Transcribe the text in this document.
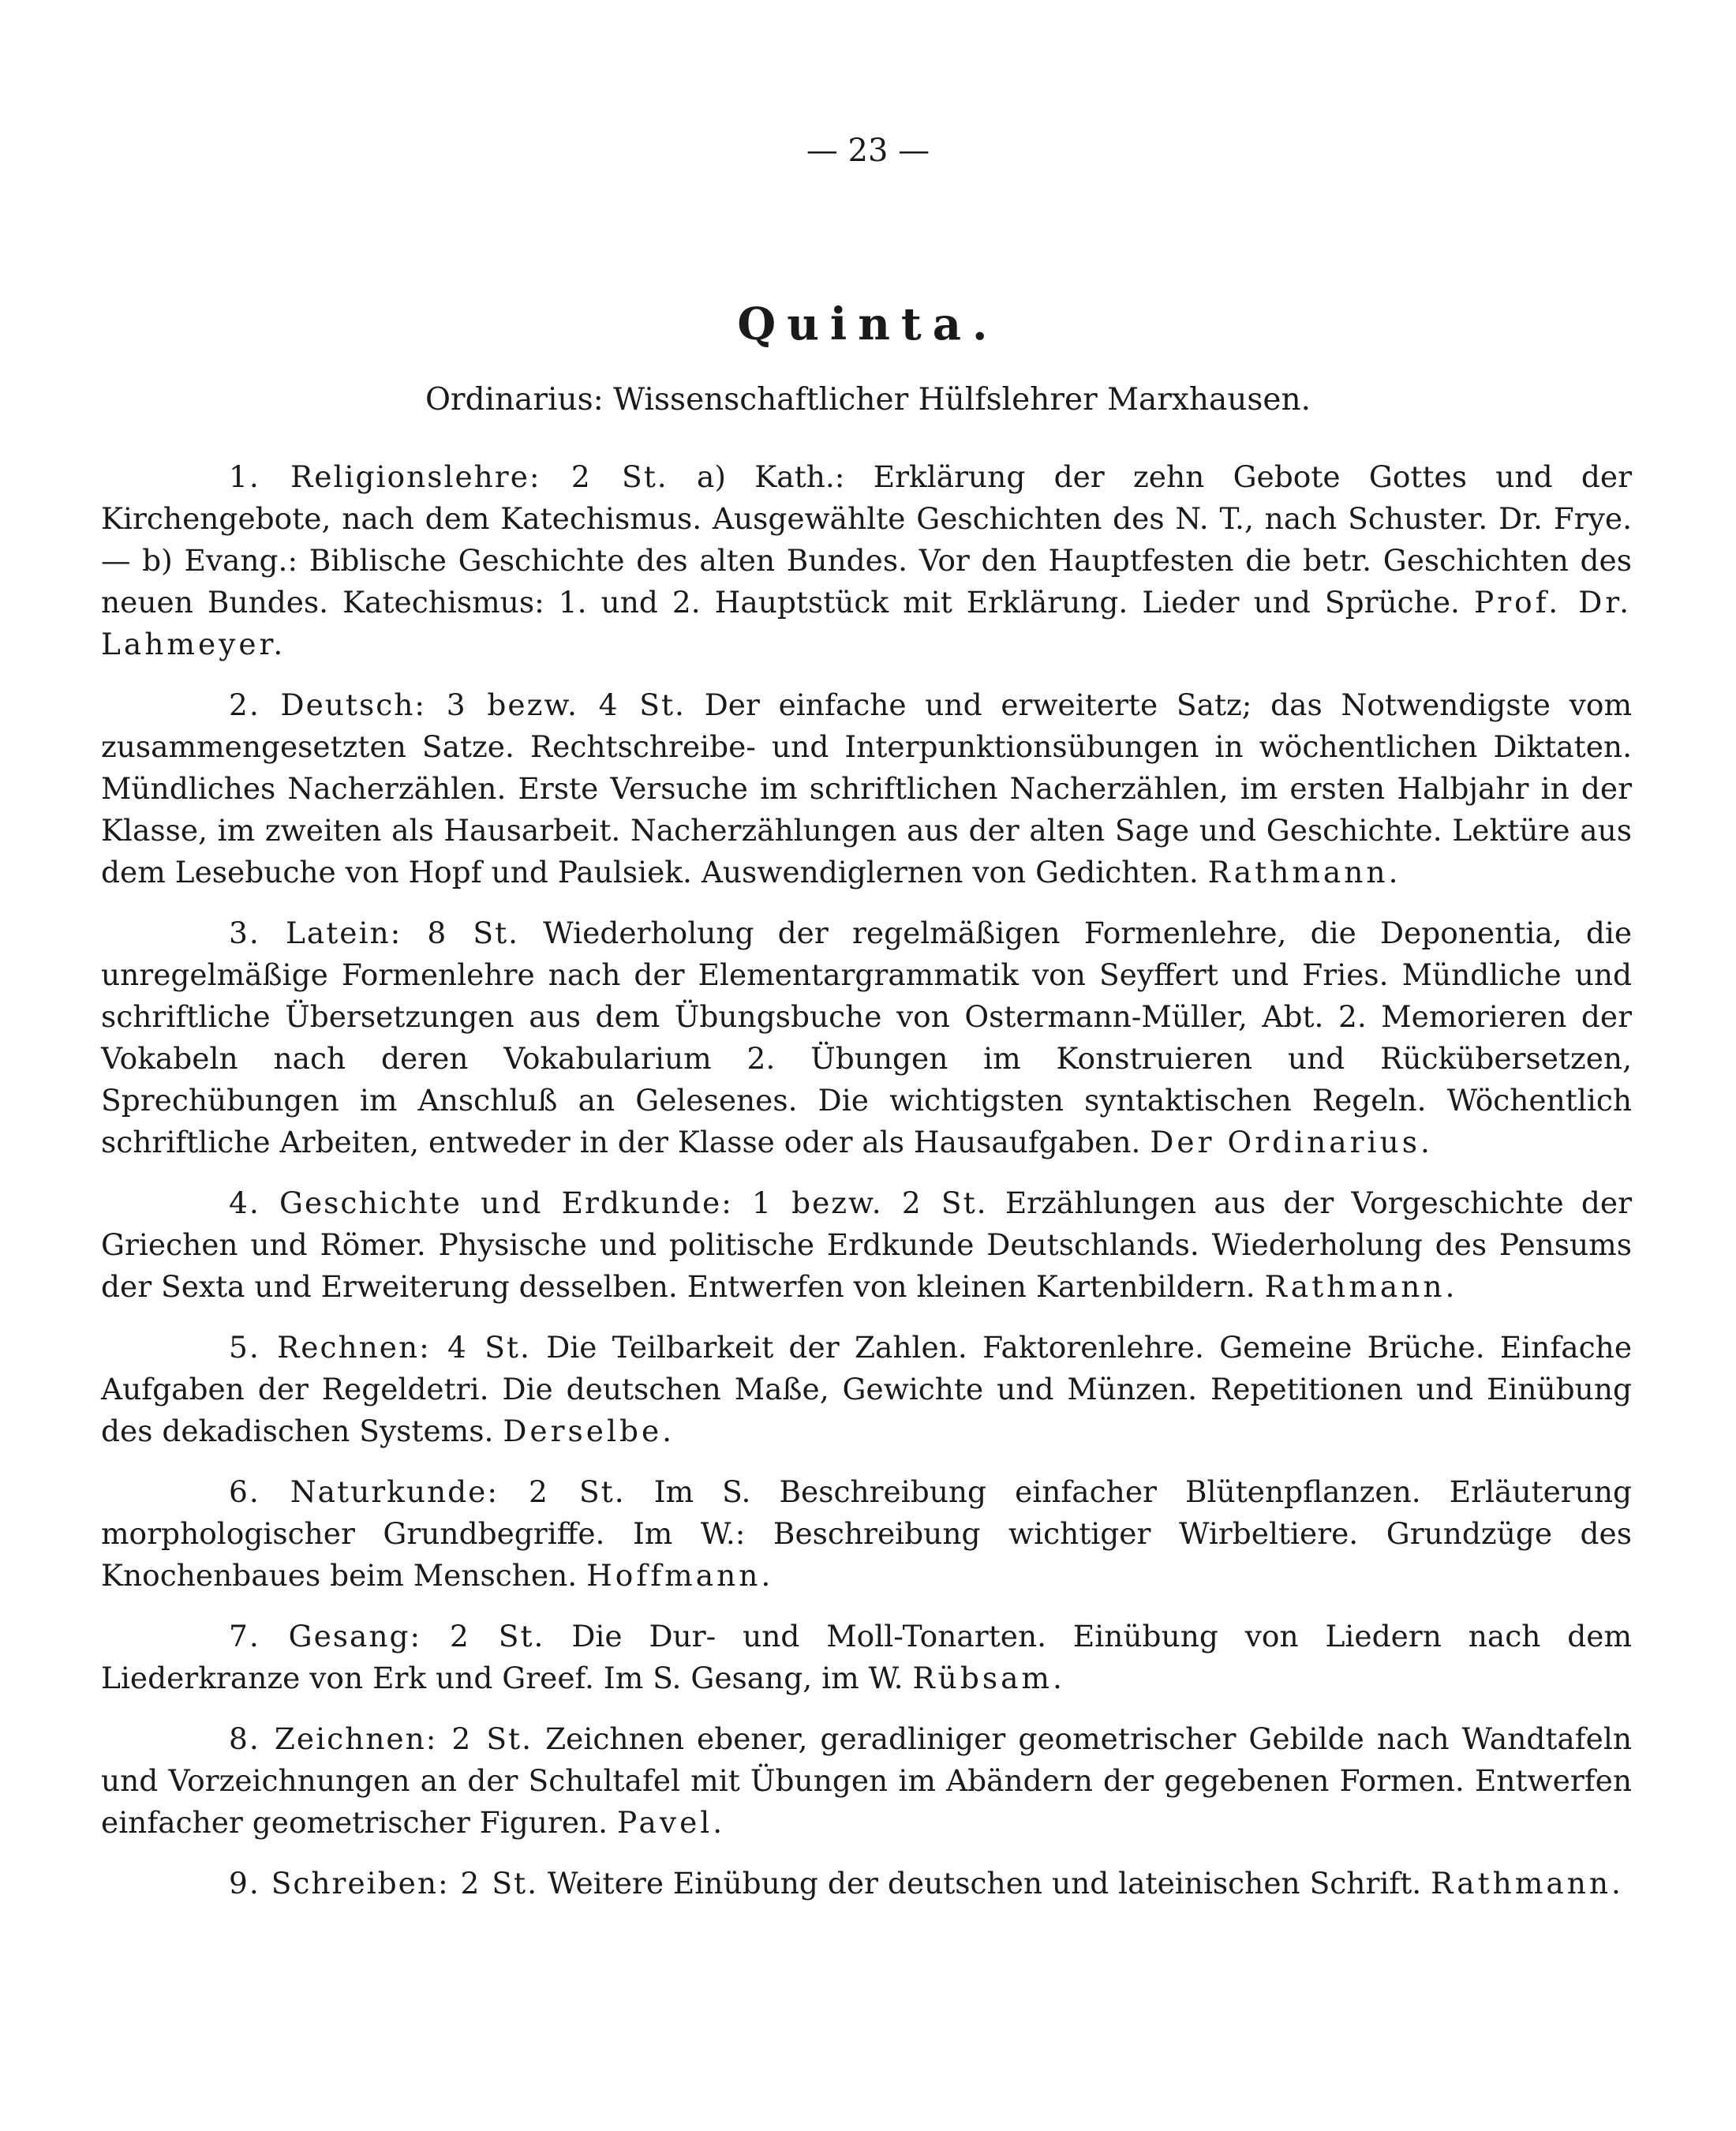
— 23 —
Quinta.
Ordinarius: Wissenschaftlicher Hülfslehrer Marxhausen.

1. Religionslehre: 2 St. a) Kath.: Erklärung der zehn Gebote Gottes und der Kirchengebote, nach dem Katechismus. Ausgewählte Geschichten des N. T., nach Schuster. Dr. Frye. — b) Evang.: Biblische Geschichte des alten Bundes. Vor den Hauptfesten die betr. Geschichten des neuen Bundes. Katechismus: 1. und 2. Hauptstück mit Erklärung. Lieder und Sprüche. Prof. Dr. Lahmeyer.

2. Deutsch: 3 bezw. 4 St. Der einfache und erweiterte Satz; das Notwendigste vom zusammengesetzten Satze. Rechtschreibe- und Interpunktionsübungen in wöchentlichen Diktaten. Mündliches Nacherzählen. Erste Versuche im schriftlichen Nacherzählen, im ersten Halbjahr in der Klasse, im zweiten als Hausarbeit. Nacherzählungen aus der alten Sage und Geschichte. Lektüre aus dem Lesebuche von Hopf und Paulsiek. Auswendiglernen von Gedichten. Rathmann.

3. Latein: 8 St. Wiederholung der regelmäßigen Formenlehre, die Deponentia, die unregelmäßige Formenlehre nach der Elementargrammatik von Seyffert und Fries. Mündliche und schriftliche Übersetzungen aus dem Übungsbuche von Ostermann-Müller, Abt. 2. Memorieren der Vokabeln nach deren Vokabularium 2. Übungen im Konstruieren und Rückübersetzen, Sprechübungen im Anschluß an Gelesenes. Die wichtigsten syntaktischen Regeln. Wöchentlich schriftliche Arbeiten, entweder in der Klasse oder als Hausaufgaben. Der Ordinarius.

4. Geschichte und Erdkunde: 1 bezw. 2 St. Erzählungen aus der Vorgeschichte der Griechen und Römer. Physische und politische Erdkunde Deutschlands. Wiederholung des Pensums der Sexta und Erweiterung desselben. Entwerfen von kleinen Kartenbildern. Rathmann.

5. Rechnen: 4 St. Die Teilbarkeit der Zahlen. Faktorenlehre. Gemeine Brüche. Einfache Aufgaben der Regeldetri. Die deutschen Maße, Gewichte und Münzen. Repetitionen und Einübung des dekadischen Systems. Derselbe.

6. Naturkunde: 2 St. Im S. Beschreibung einfacher Blütenpflanzen. Erläuterung morphologischer Grundbegriffe. Im W.: Beschreibung wichtiger Wirbeltiere. Grundzüge des Knochenbaues beim Menschen. Hoffmann.

7. Gesang: 2 St. Die Dur- und Moll-Tonarten. Einübung von Liedern nach dem Liederkranze von Erk und Greef. Im S. Gesang, im W. Rübsam.

8. Zeichnen: 2 St. Zeichnen ebener, geradliniger geometrischer Gebilde nach Wandtafeln und Vorzeichnungen an der Schultafel mit Übungen im Abändern der gegebenen Formen. Entwerfen einfacher geometrischer Figuren. Pavel.

9. Schreiben: 2 St. Weitere Einübung der deutschen und lateinischen Schrift. Rathmann.
